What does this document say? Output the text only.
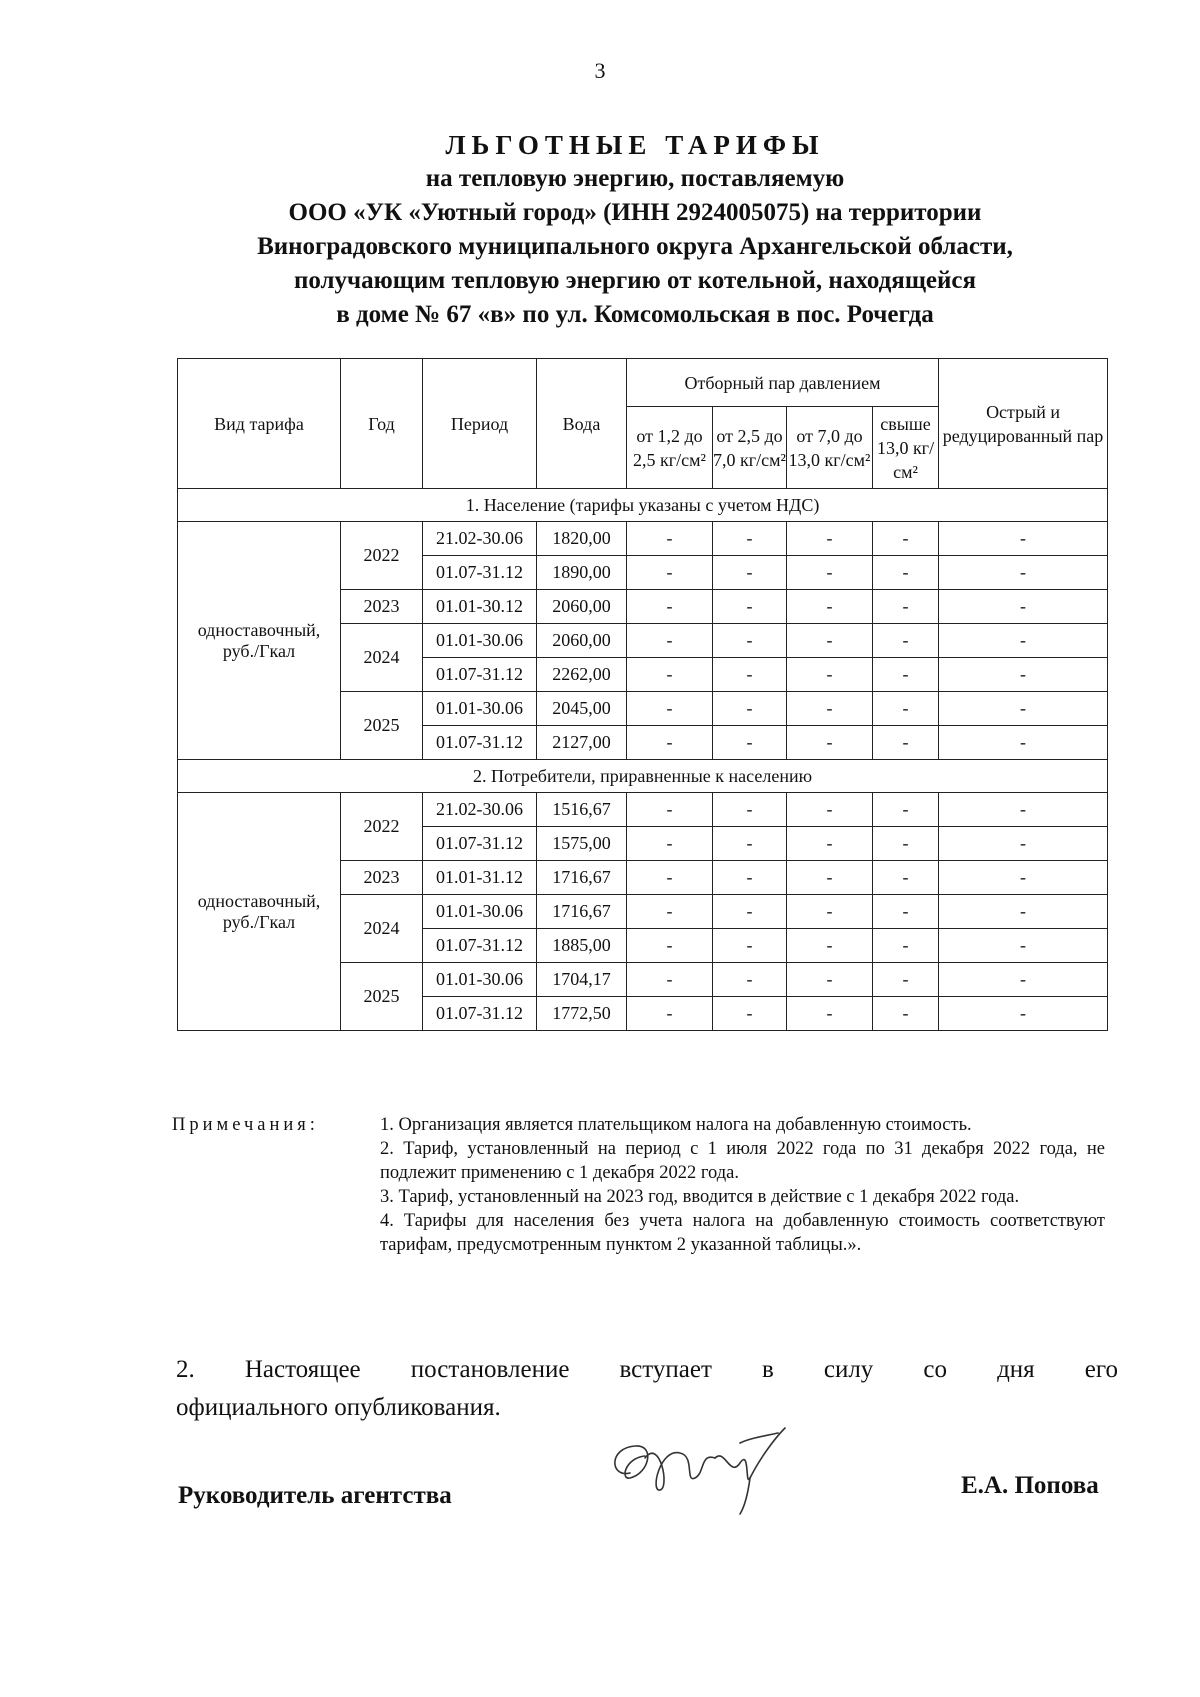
3
ЛЬГОТНЫЕ ТАРИФЫ
на тепловую энергию, поставляемую
ООО «УК «Уютный город» (ИНН 2924005075) на территории
Виноградовского муниципального округа Архангельской области,
получающим тепловую энергию от котельной, находящейся
в доме № 67 «в» по ул. Комсомольская в пос. Рочегда
Вид тарифа	Год	Период	Вода	Отборный пар давлением				Острый и редуцированный пар
				от 1,2 до 2,5 кг/см²	от 2,5 до 7,0 кг/см²	от 7,0 до 13,0 кг/см²	свыше 13,0 кг/см²	
1. Население (тарифы указаны с учетом НДС)								
одноставочный, руб./Гкал	2022	21.02-30.06	1820,00	-	-	-	-	-
		01.07-31.12	1890,00	-	-	-	-	-
	2023	01.01-30.12	2060,00	-	-	-	-	-
	2024	01.01-30.06	2060,00	-	-	-	-	-
		01.07-31.12	2262,00	-	-	-	-	-
	2025	01.01-30.06	2045,00	-	-	-	-	-
		01.07-31.12	2127,00	-	-	-	-	-
2. Потребители, приравненные к населению								
одноставочный, руб./Гкал	2022	21.02-30.06	1516,67	-	-	-	-	-
		01.07-31.12	1575,00	-	-	-	-	-
	2023	01.01-31.12	1716,67	-	-	-	-	-
	2024	01.01-30.06	1716,67	-	-	-	-	-
		01.07-31.12	1885,00	-	-	-	-	-
	2025	01.01-30.06	1704,17	-	-	-	-	-
		01.07-31.12	1772,50	-	-	-	-	-
Примечания:	1. Организация является плательщиком налога на добавленную стоимость.
2. Тариф, установленный на период с 1 июля 2022 года по 31 декабря 2022 года, не подлежит применению с 1 декабря 2022 года.
3. Тариф, установленный на 2023 год, вводится в действие с 1 декабря 2022 года.
4. Тарифы для населения без учета налога на добавленную стоимость соответствуют тарифам, предусмотренным пунктом 2 указанной таблицы.».
2. Настоящее постановление вступает в силу со дня его
официального опубликования.
Руководитель агентства	Е.А. Попова
